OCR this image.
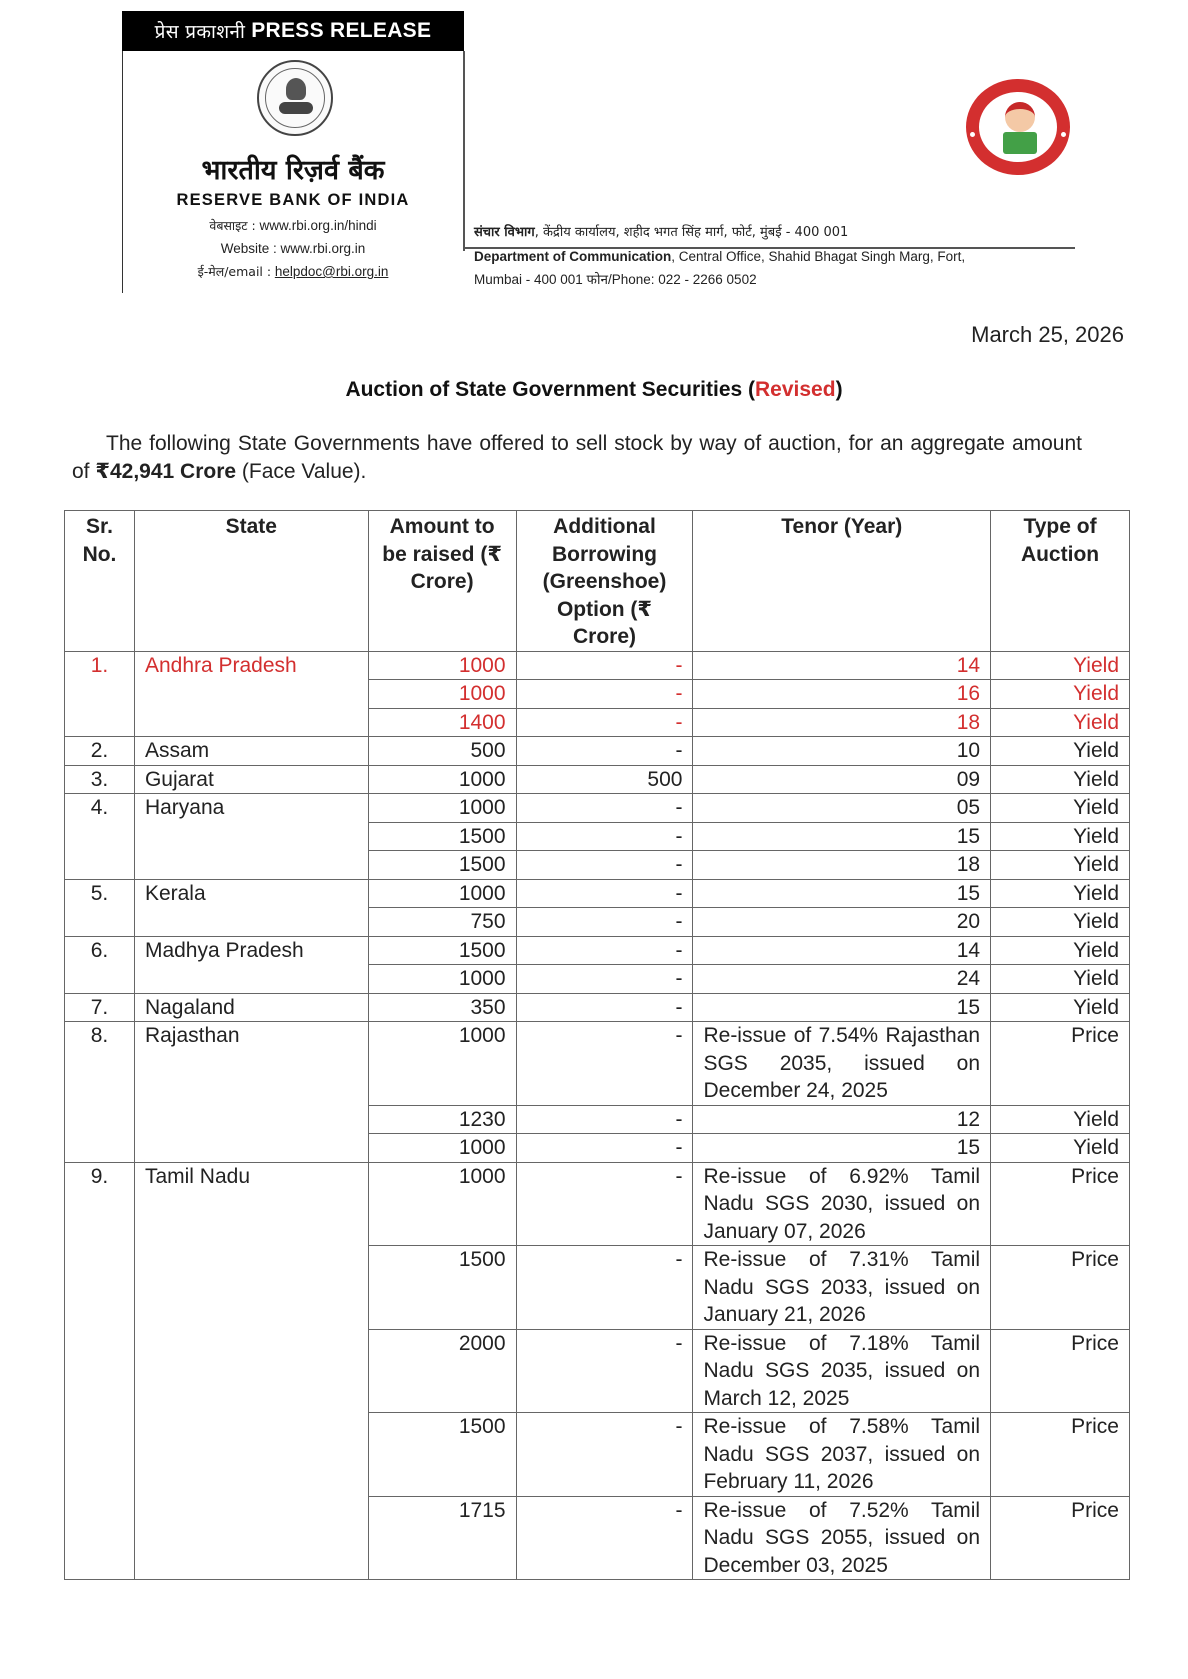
प्रेस प्रकाशनी PRESS RELEASE
भारतीय रिज़र्व बैंक
RESERVE BANK OF INDIA
वेबसाइट : www.rbi.org.in/hindi
Website : www.rbi.org.in
ई-मेल/email : helpdoc@rbi.org.in
संचार विभाग, केंद्रीय कार्यालय, शहीद भगत सिंह मार्ग, फोर्ट, मुंबई - 400 001
Department of Communication, Central Office, Shahid Bhagat Singh Marg, Fort,
Mumbai - 400 001 फोन/Phone: 022 - 2266 0502
March 25, 2026
Auction of State Government Securities (Revised)
The following State Governments have offered to sell stock by way of auction, for an aggregate amount of ₹42,941 Crore (Face Value).
Sr. No.	State	Amount to be raised (₹ Crore)	Additional Borrowing (Greenshoe) Option (₹ Crore)	Tenor (Year)	Type of Auction
1.	Andhra Pradesh	1000	-	14	Yield
		1000	-	16	Yield
		1400	-	18	Yield
2.	Assam	500	-	10	Yield
3.	Gujarat	1000	500	09	Yield
4.	Haryana	1000	-	05	Yield
		1500	-	15	Yield
		1500	-	18	Yield
5.	Kerala	1000	-	15	Yield
		750	-	20	Yield
6.	Madhya Pradesh	1500	-	14	Yield
		1000	-	24	Yield
7.	Nagaland	350	-	15	Yield
8.	Rajasthan	1000	-	Re-issue of 7.54% Rajasthan SGS 2035, issued on December 24, 2025	Price
		1230	-	12	Yield
		1000	-	15	Yield
9.	Tamil Nadu	1000	-	Re-issue of 6.92% Tamil Nadu SGS 2030, issued on January 07, 2026	Price
		1500	-	Re-issue of 7.31% Tamil Nadu SGS 2033, issued on January 21, 2026	Price
		2000	-	Re-issue of 7.18% Tamil Nadu SGS 2035, issued on March 12, 2025	Price
		1500	-	Re-issue of 7.58% Tamil Nadu SGS 2037, issued on February 11, 2026	Price
		1715	-	Re-issue of 7.52% Tamil Nadu SGS 2055, issued on December 03, 2025	Price
